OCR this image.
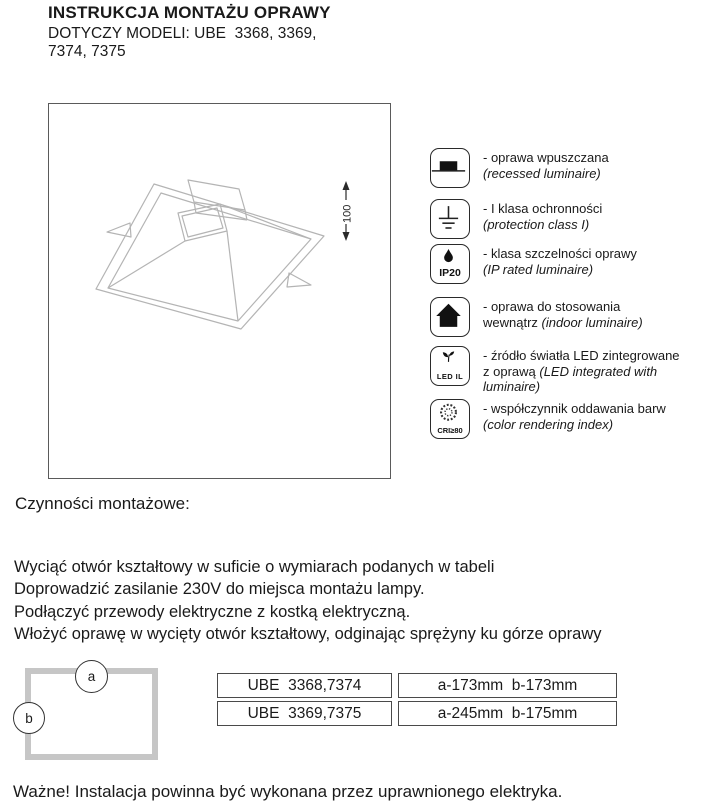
INSTRUKCJA MONTAŻU OPRAWY
DOTYCZY MODELI: UBE  3368, 3369,
7374, 7375
100
- oprawa wpuszczana
(recessed luminaire)
- I klasa ochronności
(protection class I)
IP20
- klasa szczelności oprawy
(IP rated luminaire)
- oprawa do stosowania
wewnątrz (indoor luminaire)
LED IL
- źródło światła LED zintegrowane
z oprawą (LED integrated with
luminaire)
CRI≥80
- współczynnik oddawania barw
(color rendering index)
Czynności montażowe:
Wyciąć otwór kształtowy w suficie o wymiarach podanych w tabeli
Doprowadzić zasilanie 230V do miejsca montażu lampy.
Podłączyć przewody elektryczne z kostką elektryczną.
Włożyć oprawę w wycięty otwór kształtowy, odginając sprężyny ku górze oprawy
a
b
UBE  3368,7374	a-173mm  b-173mm
UBE  3369,7375	a-245mm  b-175mm
Ważne! Instalacja powinna być wykonana przez uprawnionego elektryka.
